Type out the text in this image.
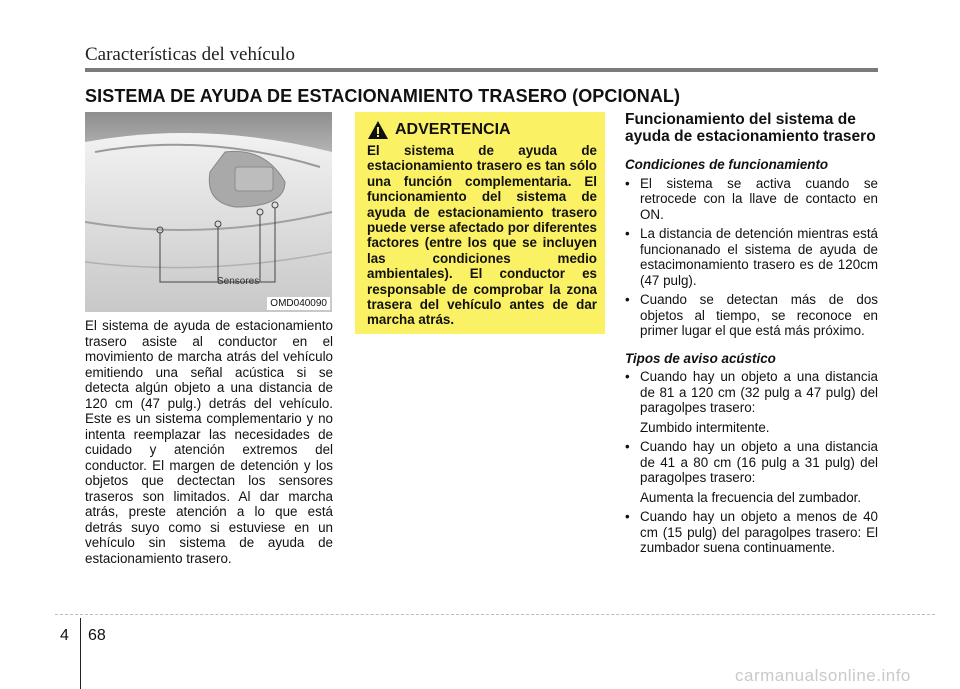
Características del vehículo
SISTEMA DE AYUDA DE ESTACIONAMIENTO TRASERO (OPCIONAL)
Sensores
OMD040090
El sistema de ayuda de estacionamiento trasero asiste al conductor en el movimiento de marcha atrás del vehículo emitiendo una señal acústica si se detecta algún objeto a una distancia de 120 cm (47 pulg.) detrás del vehículo. Este es un sistema complementario y no intenta reemplazar las necesidades de cuidado y atención extremos del conductor. El margen de detención y los objetos que dectectan los sensores traseros son limitados. Al dar marcha atrás, preste atención a lo que está detrás suyo como si estuviese en un vehículo sin sistema de ayuda de estacionamiento trasero.
ADVERTENCIA
El sistema de ayuda de estacionamiento trasero es tan sólo una función complementaria. El funcionamiento del sistema de ayuda de estacionamiento trasero puede verse afectado por diferentes factores (entre los que se incluyen las condiciones medio ambientales). El conductor es responsable de comprobar la zona trasera del vehículo antes de dar marcha atrás.
Funcionamiento del sistema de ayuda de estacionamiento trasero
Condiciones de funcionamiento
• El sistema se activa cuando se retrocede con la llave de contacto en ON.
• La distancia de detención mientras está funcionanado el sistema de ayuda de estacimonamiento trasero es de 120cm (47 pulg).
• Cuando se detectan más de dos objetos al tiempo, se reconoce en primer lugar el que está más próximo.
Tipos de aviso acústico
• Cuando hay un objeto a una distancia de 81 a 120 cm (32 pulg a 47 pulg) del paragolpes trasero:
Zumbido intermitente.
• Cuando hay un objeto a una distancia de 41 a 80 cm (16 pulg a 31 pulg) del paragolpes trasero:
Aumenta la frecuencia del zumbador.
• Cuando hay un objeto a menos de 40 cm (15 pulg) del paragolpes trasero: El zumbador suena continuamente.
4 68
carmanualsonline.info
